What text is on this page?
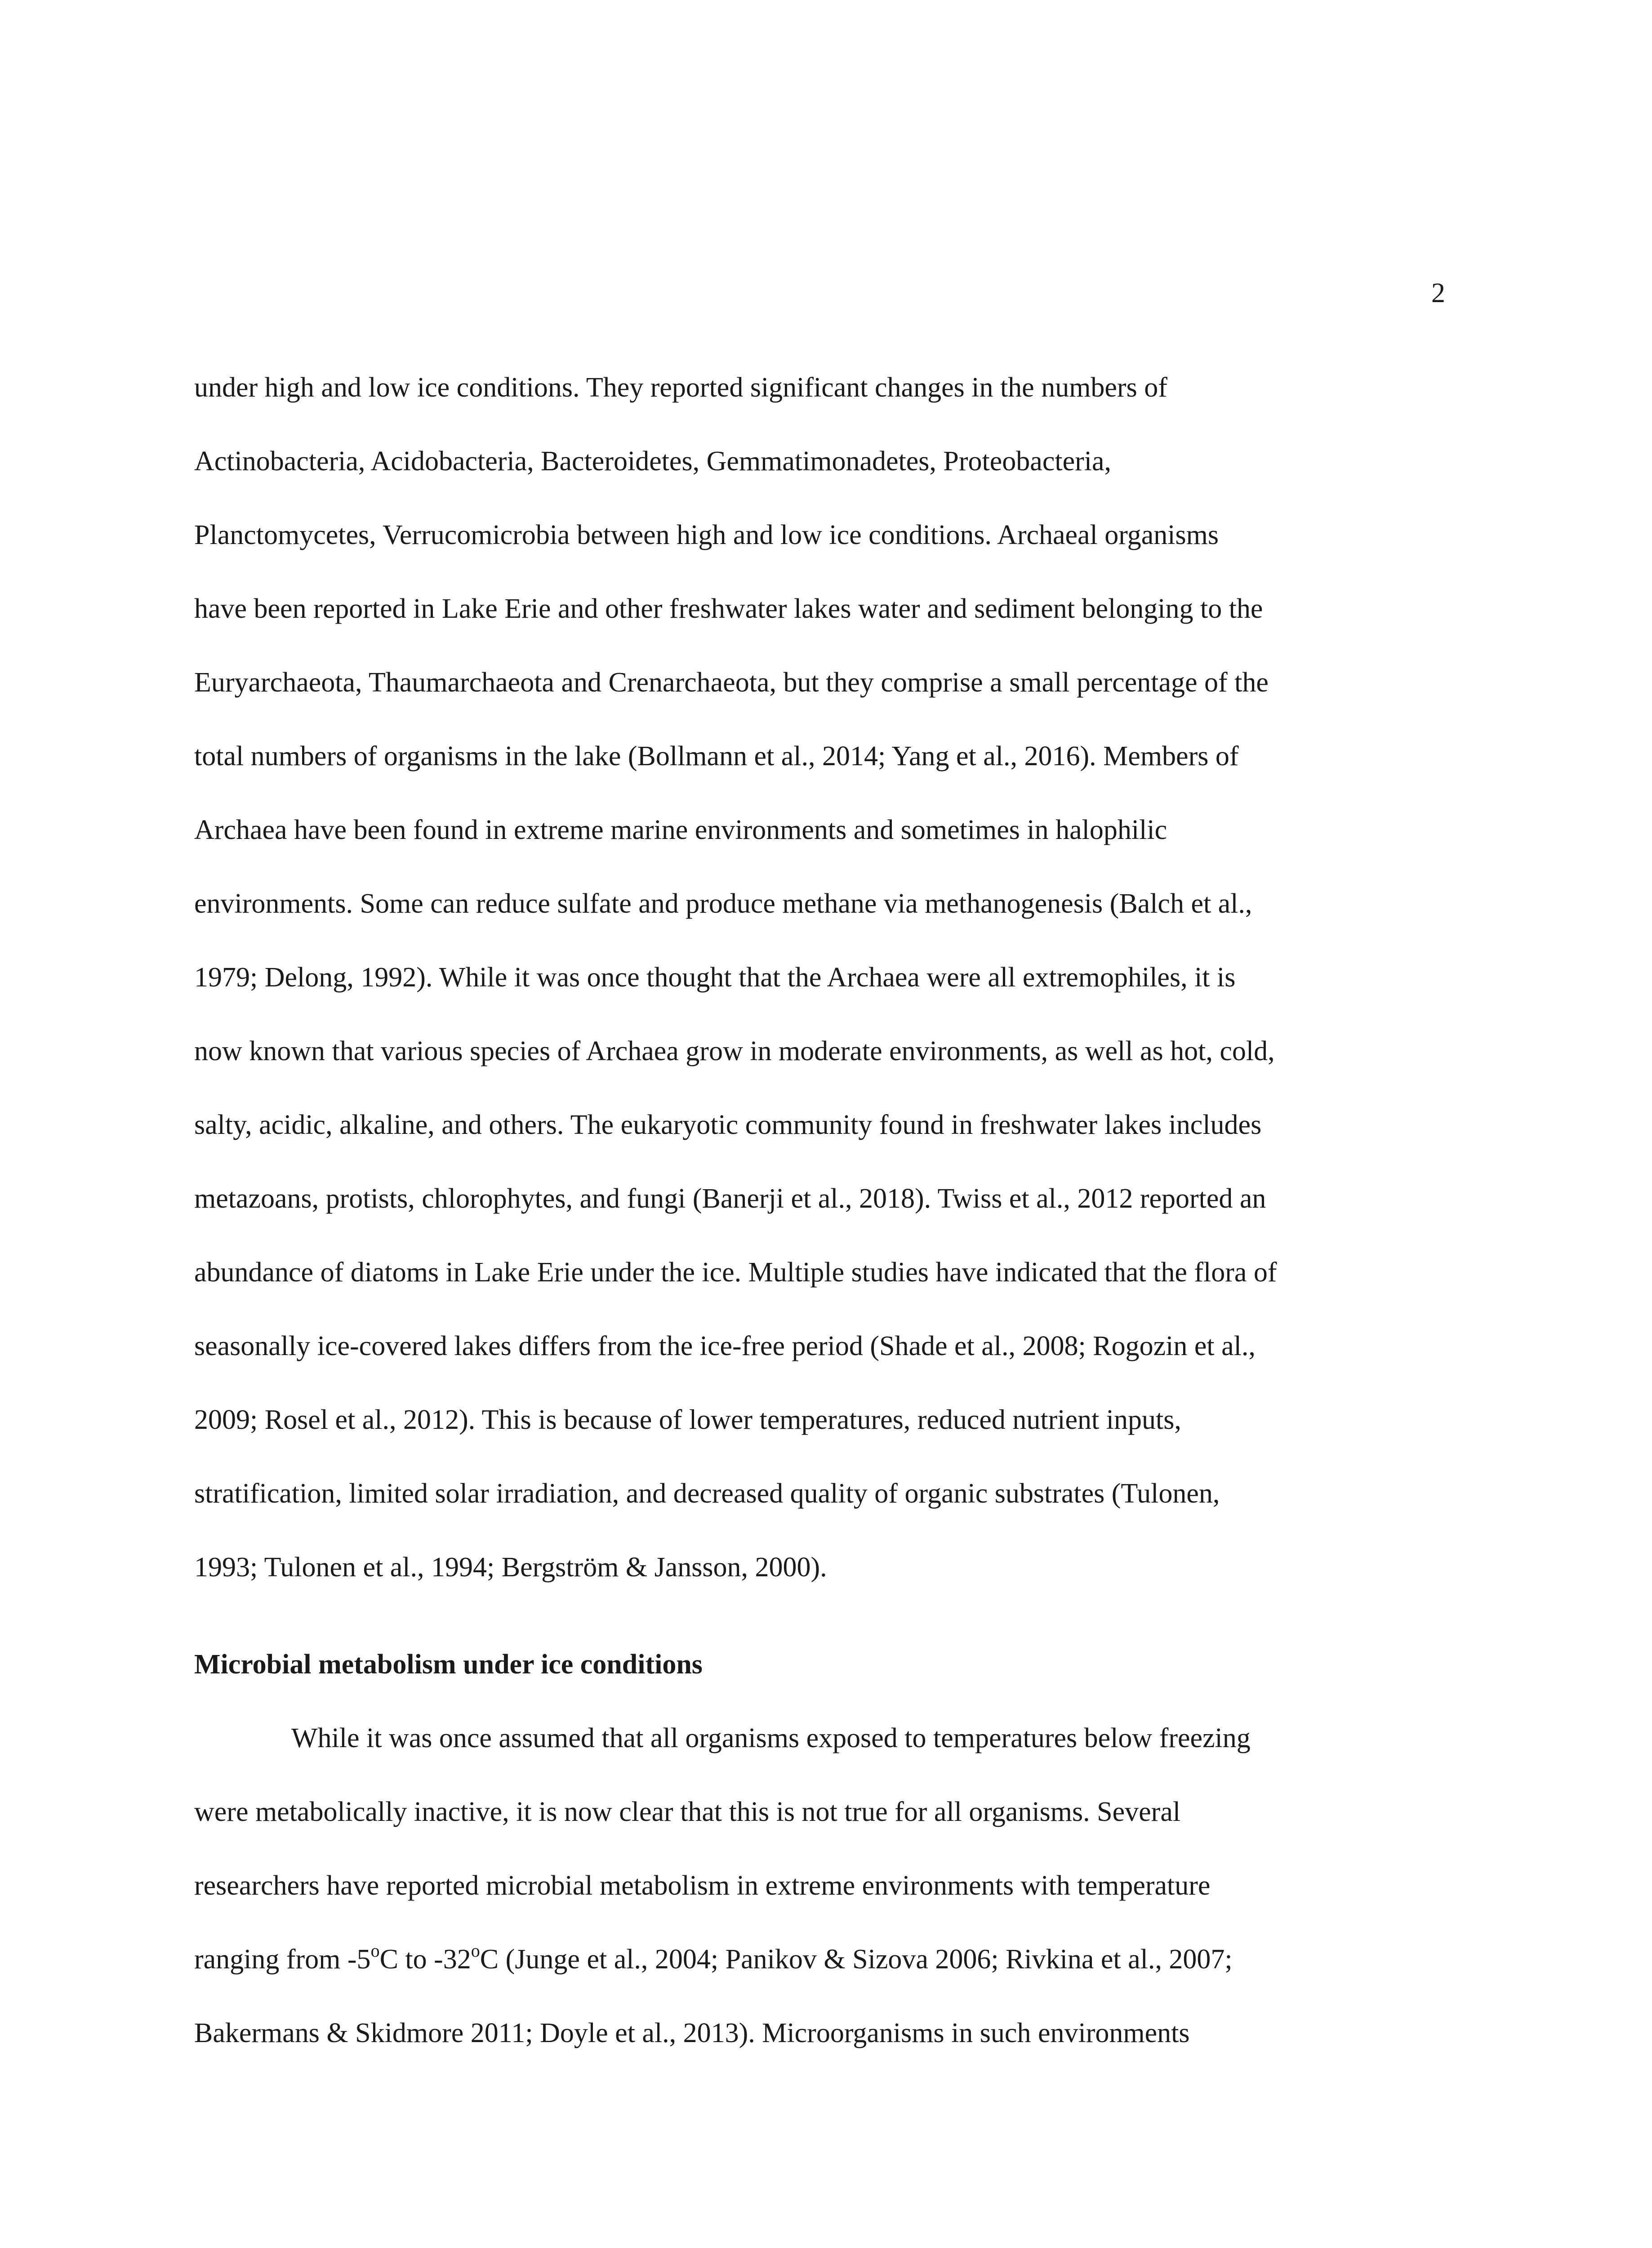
2
under high and low ice conditions. They reported significant changes in the numbers of
Actinobacteria, Acidobacteria, Bacteroidetes, Gemmatimonadetes, Proteobacteria,
Planctomycetes, Verrucomicrobia between high and low ice conditions. Archaeal organisms
have been reported in Lake Erie and other freshwater lakes water and sediment belonging to the
Euryarchaeota, Thaumarchaeota and Crenarchaeota, but they comprise a small percentage of the
total numbers of organisms in the lake (Bollmann et al., 2014; Yang et al., 2016). Members of
Archaea have been found in extreme marine environments and sometimes in halophilic
environments. Some can reduce sulfate and produce methane via methanogenesis (Balch et al.,
1979; Delong, 1992). While it was once thought that the Archaea were all extremophiles, it is
now known that various species of Archaea grow in moderate environments, as well as hot, cold,
salty, acidic, alkaline, and others. The eukaryotic community found in freshwater lakes includes
metazoans, protists, chlorophytes, and fungi (Banerji et al., 2018). Twiss et al., 2012 reported an
abundance of diatoms in Lake Erie under the ice. Multiple studies have indicated that the flora of
seasonally ice-covered lakes differs from the ice-free period (Shade et al., 2008; Rogozin et al.,
2009; Rosel et al., 2012). This is because of lower temperatures, reduced nutrient inputs,
stratification, limited solar irradiation, and decreased quality of organic substrates (Tulonen,
1993; Tulonen et al., 1994; Bergström & Jansson, 2000).
Microbial metabolism under ice conditions
While it was once assumed that all organisms exposed to temperatures below freezing
were metabolically inactive, it is now clear that this is not true for all organisms. Several
researchers have reported microbial metabolism in extreme environments with temperature
ranging from -5$^o$C to -32$^o$C (Junge et al., 2004; Panikov & Sizova 2006; Rivkina et al., 2007;
Bakermans & Skidmore 2011; Doyle et al., 2013). Microorganisms in such environments
